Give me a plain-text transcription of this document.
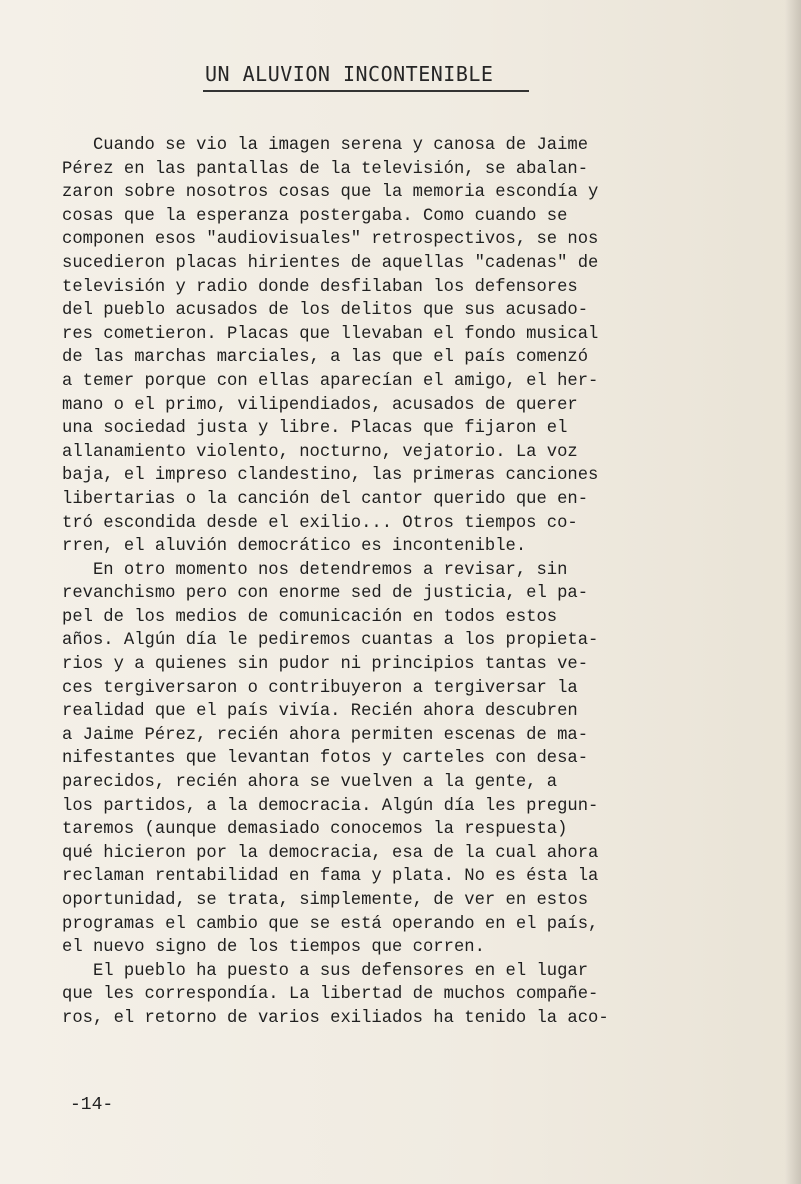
UN ALUVION INCONTENIBLE
Cuando se vio la imagen serena y canosa de Jaime
Pérez en las pantallas de la televisión, se abalan-
zaron sobre nosotros cosas que la memoria escondía y
cosas que la esperanza postergaba. Como cuando se
componen esos "audiovisuales" retrospectivos, se nos
sucedieron placas hirientes de aquellas "cadenas" de
televisión y radio donde desfilaban los defensores
del pueblo acusados de los delitos que sus acusado-
res cometieron. Placas que llevaban el fondo musical
de las marchas marciales, a las que el país comenzó
a temer porque con ellas aparecían el amigo, el her-
mano o el primo, vilipendiados, acusados de querer
una sociedad justa y libre. Placas que fijaron el
allanamiento violento, nocturno, vejatorio. La voz
baja, el impreso clandestino, las primeras canciones
libertarias o la canción del cantor querido que en-
tró escondida desde el exilio... Otros tiempos co-
rren, el aluvión democrático es incontenible.
En otro momento nos detendremos a revisar, sin
revanchismo pero con enorme sed de justicia, el pa-
pel de los medios de comunicación en todos estos
años. Algún día le pediremos cuantas a los propieta-
rios y a quienes sin pudor ni principios tantas ve-
ces tergiversaron o contribuyeron a tergiversar la
realidad que el país vivía. Recién ahora descubren
a Jaime Pérez, recién ahora permiten escenas de ma-
nifestantes que levantan fotos y carteles con desa-
parecidos, recién ahora se vuelven a la gente, a
los partidos, a la democracia. Algún día les pregun-
taremos (aunque demasiado conocemos la respuesta)
qué hicieron por la democracia, esa de la cual ahora
reclaman rentabilidad en fama y plata. No es ésta la
oportunidad, se trata, simplemente, de ver en estos
programas el cambio que se está operando en el país,
el nuevo signo de los tiempos que corren.
El pueblo ha puesto a sus defensores en el lugar
que les correspondía. La libertad de muchos compañe-
ros, el retorno de varios exiliados ha tenido la aco-
-14-
